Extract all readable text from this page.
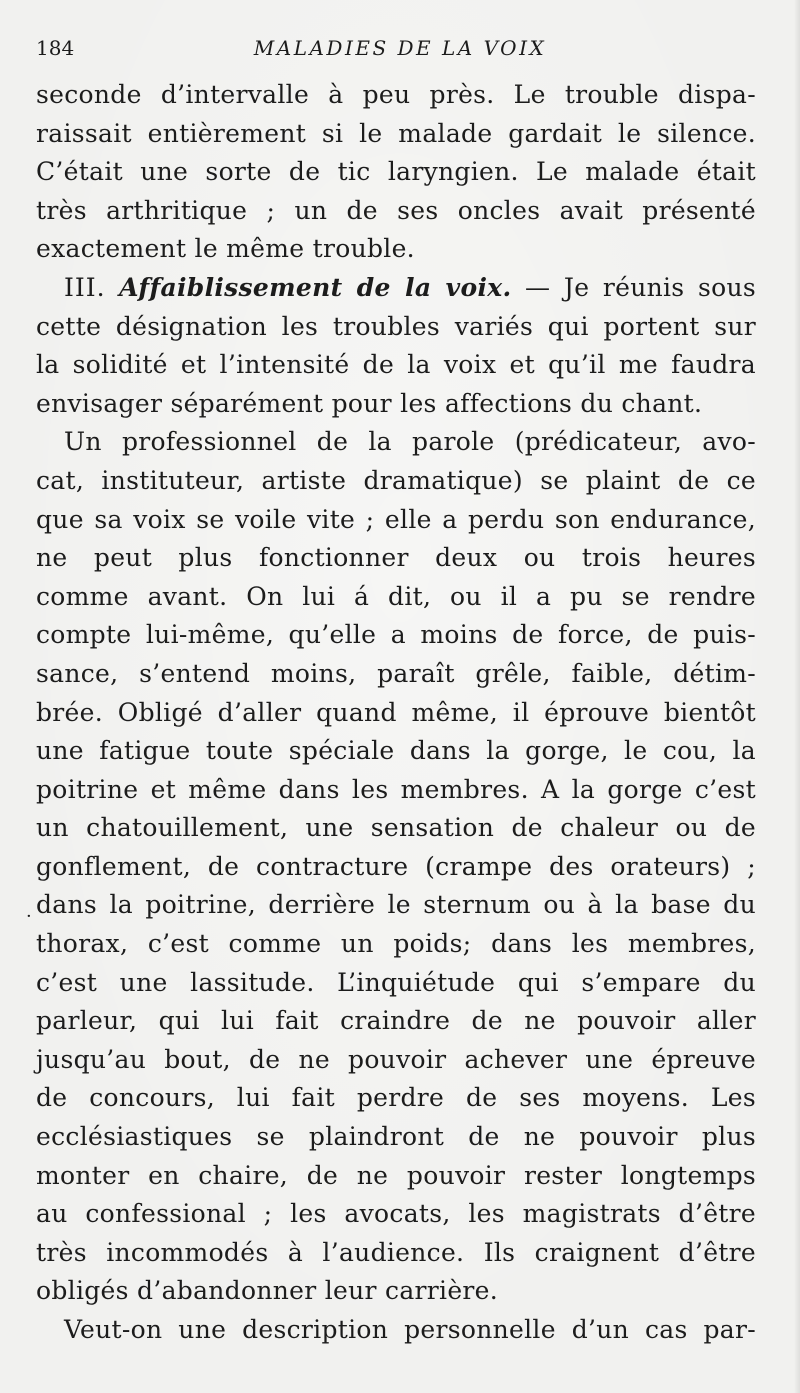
184	MALADIES DE LA VOIX
·
seconde d’intervalle à peu près. Le trouble dispa-
raissait entièrement si le malade gardait le silence.
C’était une sorte de tic laryngien. Le malade était
très arthritique ; un de ses oncles avait présenté
exactement le même trouble.
III. Affaiblissement de la voix. — Je réunis sous
cette désignation les troubles variés qui portent sur
la solidité et l’intensité de la voix et qu’il me faudra
envisager séparément pour les affections du chant.
Un professionnel de la parole (prédicateur, avo-
cat, instituteur, artiste dramatique) se plaint de ce
que sa voix se voile vite ; elle a perdu son endurance,
ne peut plus fonctionner deux ou trois heures
comme avant. On lui á dit, ou il a pu se rendre
compte lui-même, qu’elle a moins de force, de puis-
sance, s’entend moins, paraît grêle, faible, détim-
brée. Obligé d’aller quand même, il éprouve bientôt
une fatigue toute spéciale dans la gorge, le cou, la
poitrine et même dans les membres. A la gorge c’est
un chatouillement, une sensation de chaleur ou de
gonflement, de contracture (crampe des orateurs) ;
dans la poitrine, derrière le sternum ou à la base du
thorax, c’est comme un poids; dans les membres,
c’est une lassitude. L’inquiétude qui s’empare du
parleur, qui lui fait craindre de ne pouvoir aller
jusqu’au bout, de ne pouvoir achever une épreuve
de concours, lui fait perdre de ses moyens. Les
ecclésiastiques se plaindront de ne pouvoir plus
monter en chaire, de ne pouvoir rester longtemps
au confessional ; les avocats, les magistrats d’être
très incommodés à l’audience. Ils craignent d’être
obligés d’abandonner leur carrière.
Veut-on une description personnelle d’un cas par-
